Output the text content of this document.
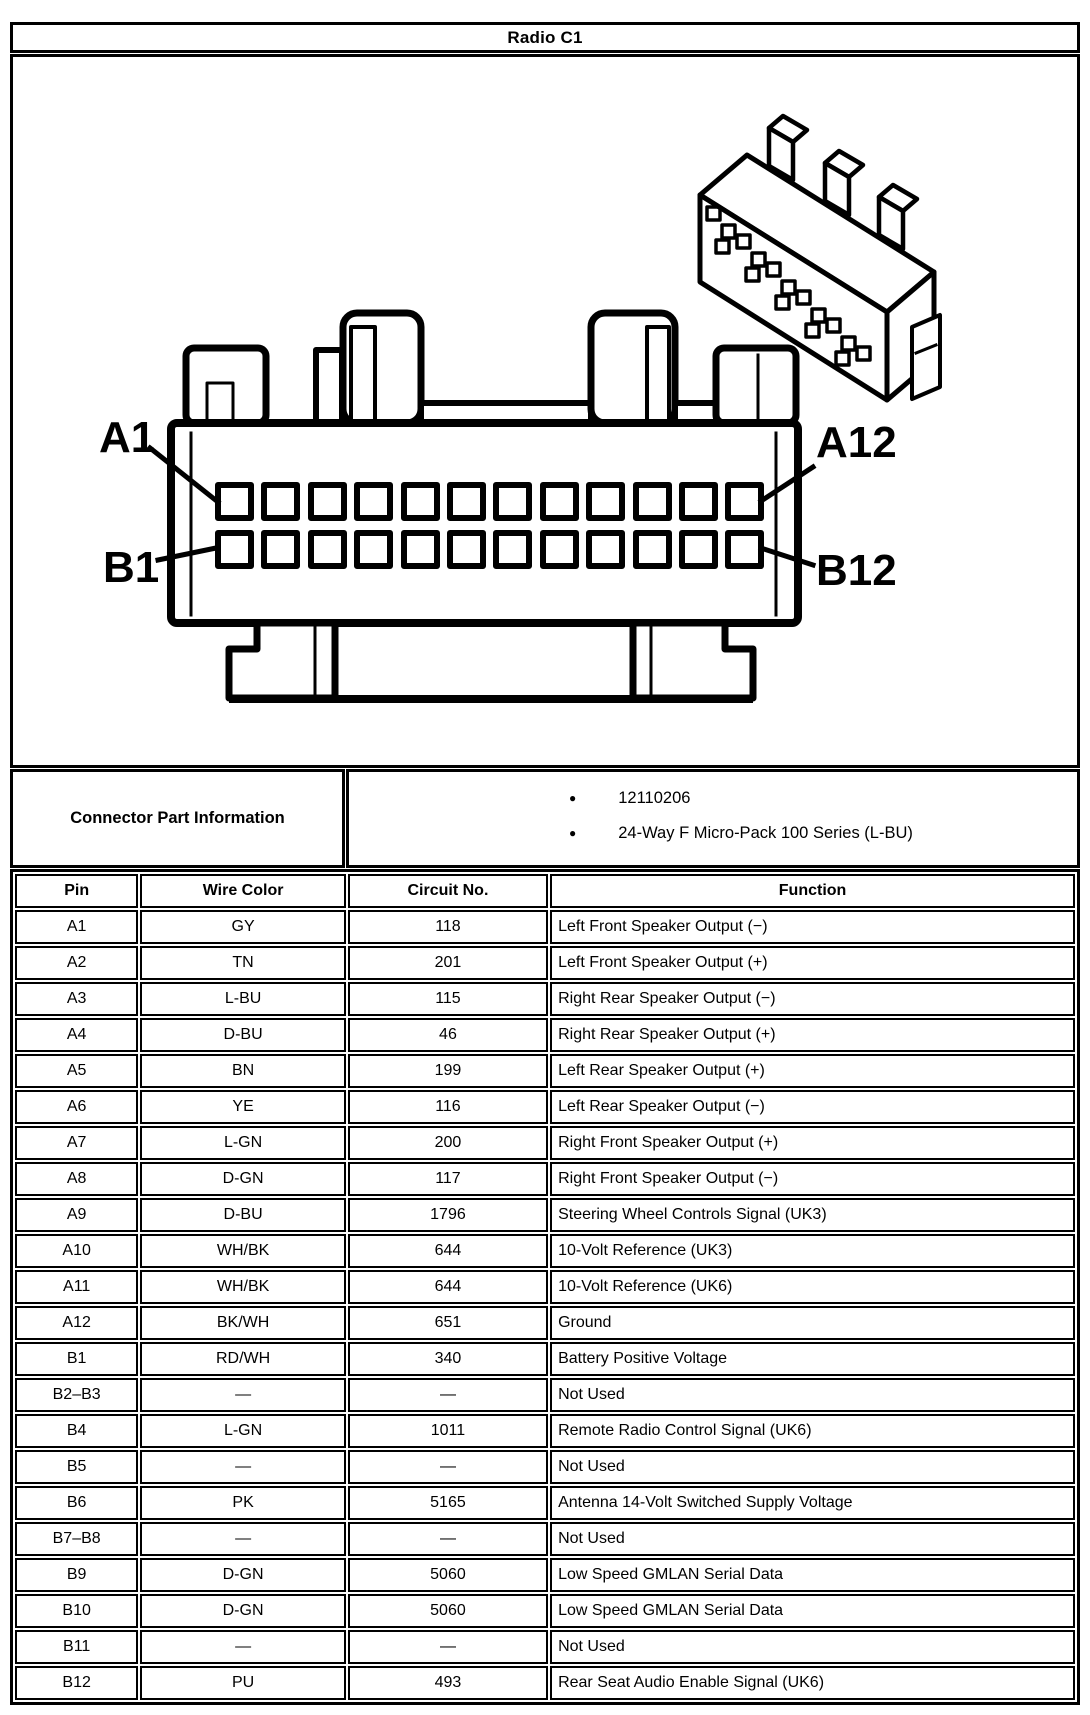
Radio C1
A1
B1
A12
B12
Connector Part Information
●	12110206
●	24-Way F Micro-Pack 100 Series (L-BU)
Pin	Wire Color	Circuit No.	Function
A1	GY	118	Left Front Speaker Output (−)
A2	TN	201	Left Front Speaker Output (+)
A3	L-BU	115	Right Rear Speaker Output (−)
A4	D-BU	46	Right Rear Speaker Output (+)
A5	BN	199	Left Rear Speaker Output (+)
A6	YE	116	Left Rear Speaker Output (−)
A7	L-GN	200	Right Front Speaker Output (+)
A8	D-GN	117	Right Front Speaker Output (−)
A9	D-BU	1796	Steering Wheel Controls Signal (UK3)
A10	WH/BK	644	10-Volt Reference (UK3)
A11	WH/BK	644	10-Volt Reference (UK6)
A12	BK/WH	651	Ground
B1	RD/WH	340	Battery Positive Voltage
B2–B3	—	—	Not Used
B4	L-GN	1011	Remote Radio Control Signal (UK6)
B5	—	—	Not Used
B6	PK	5165	Antenna 14-Volt Switched Supply Voltage
B7–B8	—	—	Not Used
B9	D-GN	5060	Low Speed GMLAN Serial Data
B10	D-GN	5060	Low Speed GMLAN Serial Data
B11	—	—	Not Used
B12	PU	493	Rear Seat Audio Enable Signal (UK6)
